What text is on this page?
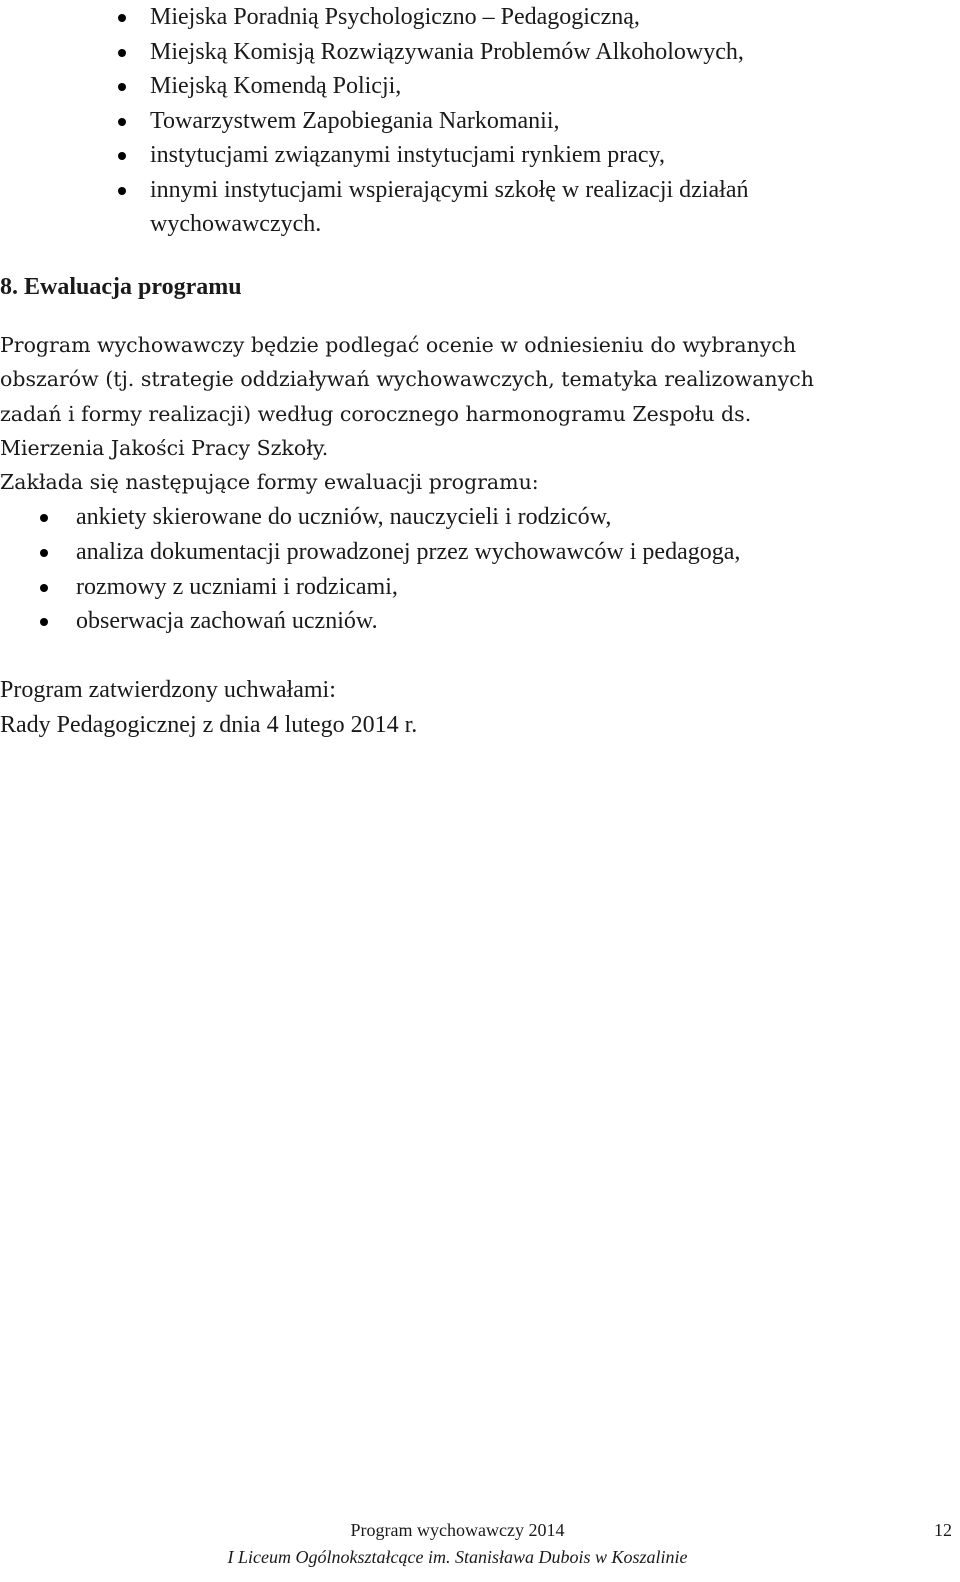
Miejska Poradnią Psychologiczno – Pedagogiczną,
Miejską Komisją Rozwiązywania Problemów Alkoholowych,
Miejską Komendą Policji,
Towarzystwem Zapobiegania Narkomanii,
instytucjami związanymi instytucjami rynkiem pracy,
innymi instytucjami wspierającymi szkołę w realizacji działań
wychowawczych.
8. Ewaluacja programu

Program wychowawczy będzie podlegać ocenie w odniesieniu do wybranych
obszarów (tj. strategie oddziaływań wychowawczych, tematyka realizowanych
zadań i formy realizacji) według corocznego harmonogramu Zespołu ds.
Mierzenia Jakości Pracy Szkoły.

Zakłada się następujące formy ewaluacji programu:

ankiety skierowane do uczniów, nauczycieli i rodziców,
analiza dokumentacji prowadzonej przez wychowawców i pedagoga,
rozmowy z uczniami i rodzicami,
obserwacja zachowań uczniów.

Program zatwierdzony uchwałami:
Rady Pedagogicznej z dnia 4 lutego 2014 r.

Program wychowawczy 2014
I Liceum Ogólnokształcące im. Stanisława Dubois w Koszalinie
12
